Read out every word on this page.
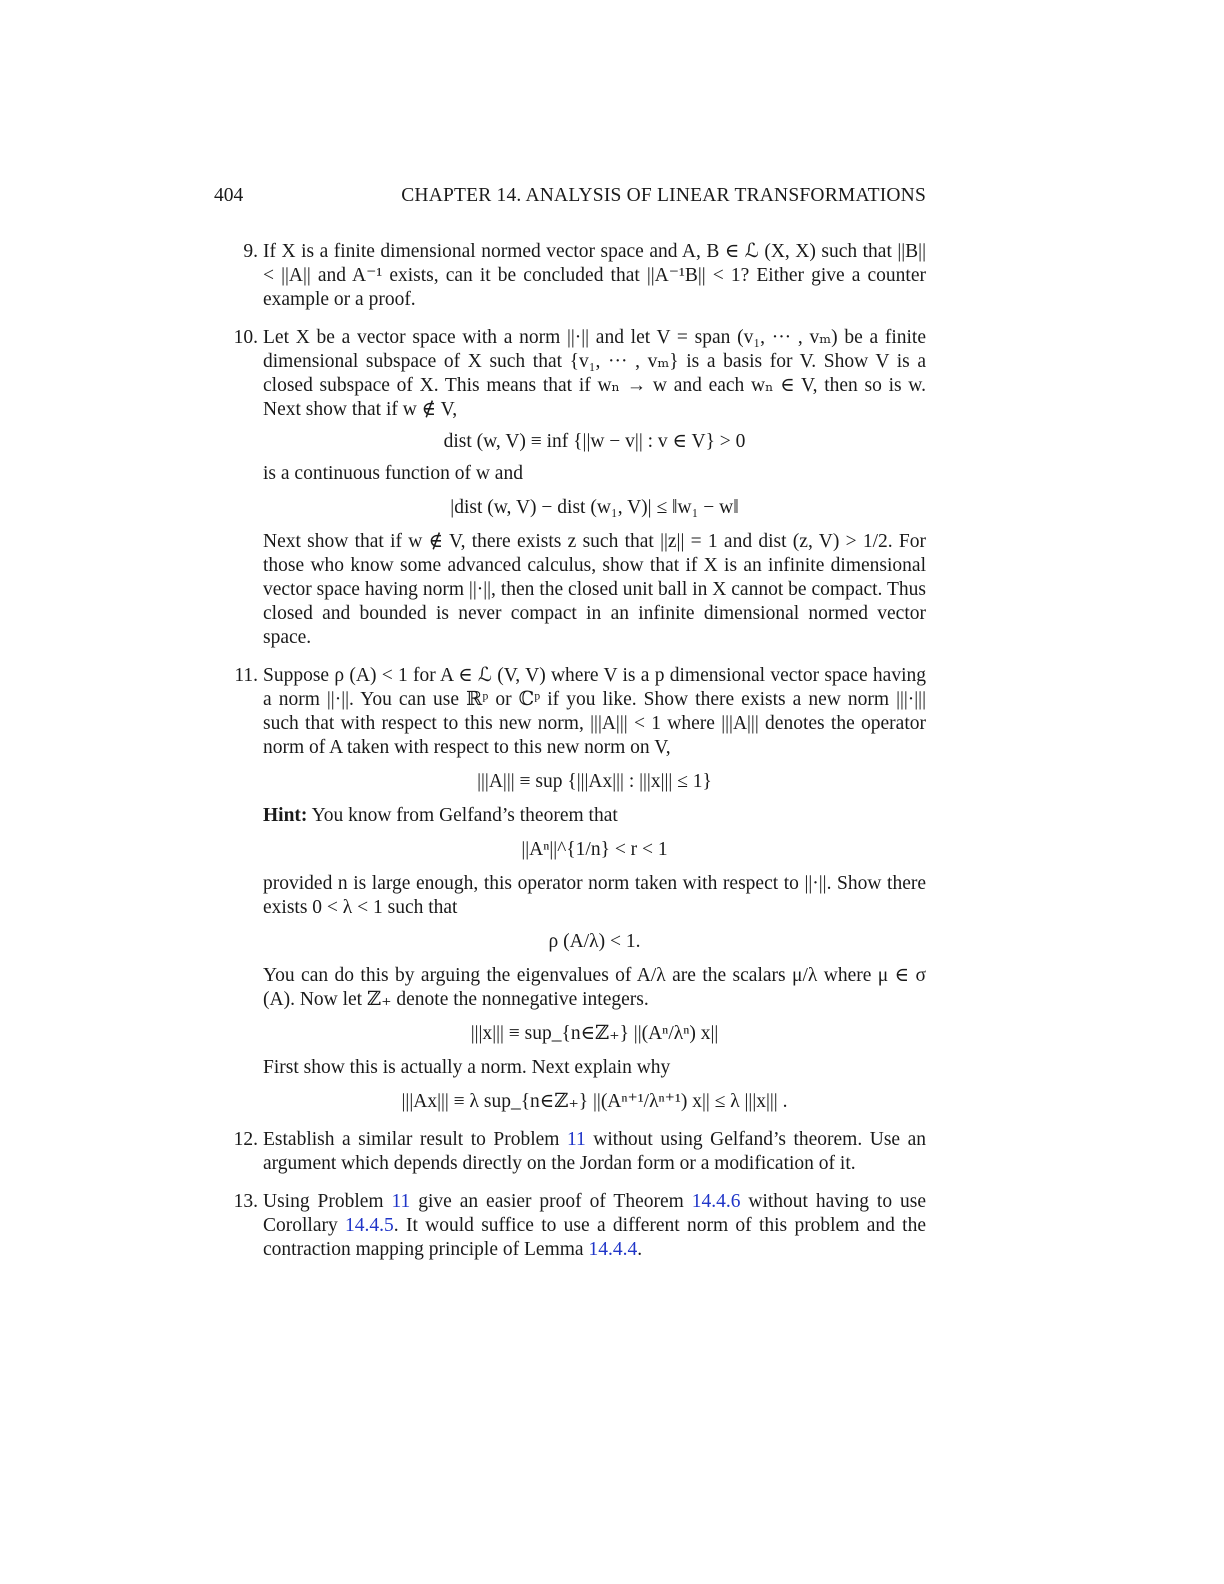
404	CHAPTER 14. ANALYSIS OF LINEAR TRANSFORMATIONS
9. If X is a finite dimensional normed vector space and A, B ∈ ℒ (X, X) such that ||B|| < ||A|| and A⁻¹ exists, can it be concluded that ||A⁻¹B|| < 1? Either give a counter example or a proof.

10. Let X be a vector space with a norm ||·|| and let V = span (v₁, ··· , vₘ) be a finite dimensional subspace of X such that {v₁, ··· , vₘ} is a basis for V. Show V is a closed subspace of X. This means that if wₙ → w and each wₙ ∈ V, then so is w. Next show that if w ∉ V,

dist (w, V) ≡ inf {||w − v|| : v ∈ V} > 0

is a continuous function of w and

|dist (w, V) − dist (w₁, V)| ≤ ‖w₁ − w‖

Next show that if w ∉ V, there exists z such that ||z|| = 1 and dist (z, V) > 1/2. For those who know some advanced calculus, show that if X is an infinite dimensional vector space having norm ||·||, then the closed unit ball in X cannot be compact. Thus closed and bounded is never compact in an infinite dimensional normed vector space.

11. Suppose ρ (A) < 1 for A ∈ ℒ (V, V) where V is a p dimensional vector space having a norm ||·||. You can use ℝᵖ or ℂᵖ if you like. Show there exists a new norm |||·||| such that with respect to this new norm, |||A||| < 1 where |||A||| denotes the operator norm of A taken with respect to this new norm on V,

|||A||| ≡ sup {|||Ax||| : |||x||| ≤ 1}

Hint: You know from Gelfand’s theorem that

||Aⁿ||^{1/n} < r < 1

provided n is large enough, this operator norm taken with respect to ||·||. Show there exists 0 < λ < 1 such that

ρ (A/λ) < 1.

You can do this by arguing the eigenvalues of A/λ are the scalars μ/λ where μ ∈ σ (A). Now let ℤ₊ denote the nonnegative integers.

|||x||| ≡ sup_{n∈ℤ₊} ||(Aⁿ/λⁿ) x||

First show this is actually a norm. Next explain why

|||Ax||| ≡ λ sup_{n∈ℤ₊} ||(Aⁿ⁺¹/λⁿ⁺¹) x|| ≤ λ |||x||| .
12. Establish a similar result to Problem 11 without using Gelfand’s theorem. Use an argument which depends directly on the Jordan form or a modification of it.

13. Using Problem 11 give an easier proof of Theorem 14.4.6 without having to use Corollary 14.4.5. It would suffice to use a different norm of this problem and the contraction mapping principle of Lemma 14.4.4.
